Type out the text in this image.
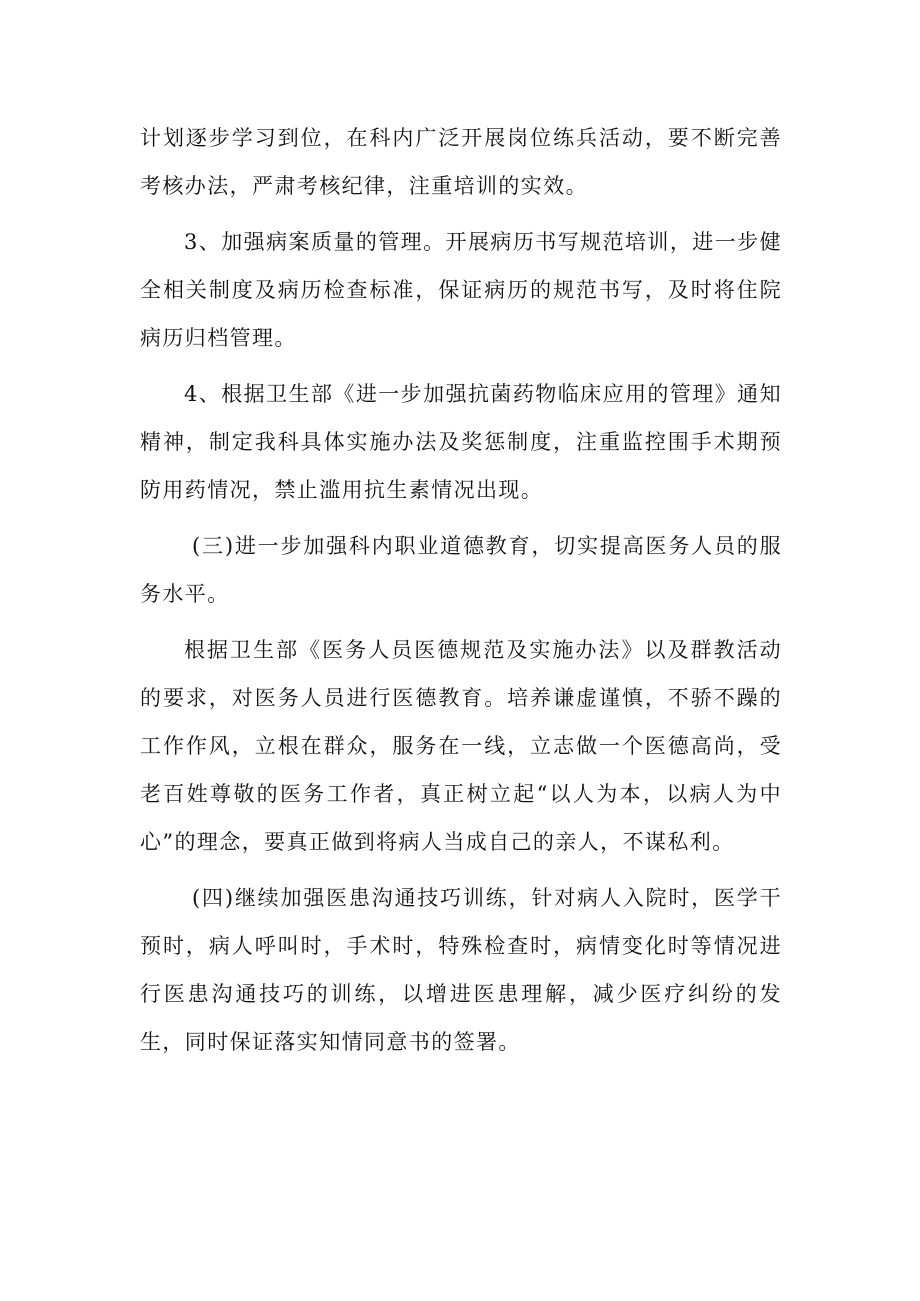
计划逐步学习到位，在科内广泛开展岗位练兵活动，要不断完善考核办法，严肃考核纪律，注重培训的实效。

3、加强病案质量的管理。开展病历书写规范培训，进一步健全相关制度及病历检查标准，保证病历的规范书写，及时将住院病历归档管理。

4、根据卫生部《进一步加强抗菌药物临床应用的管理》通知精神，制定我科具体实施办法及奖惩制度，注重监控围手术期预防用药情况，禁止滥用抗生素情况出现。

(三)进一步加强科内职业道德教育，切实提高医务人员的服务水平。

根据卫生部《医务人员医德规范及实施办法》以及群教活动的要求，对医务人员进行医德教育。培养谦虚谨慎，不骄不躁的工作作风，立根在群众，服务在一线，立志做一个医德高尚，受老百姓尊敬的医务工作者，真正树立起“以人为本，以病人为中心”的理念，要真正做到将病人当成自己的亲人，不谋私利。

(四)继续加强医患沟通技巧训练，针对病人入院时，医学干预时，病人呼叫时，手术时，特殊检查时，病情变化时等情况进行医患沟通技巧的训练，以增进医患理解，减少医疗纠纷的发生，同时保证落实知情同意书的签署。
